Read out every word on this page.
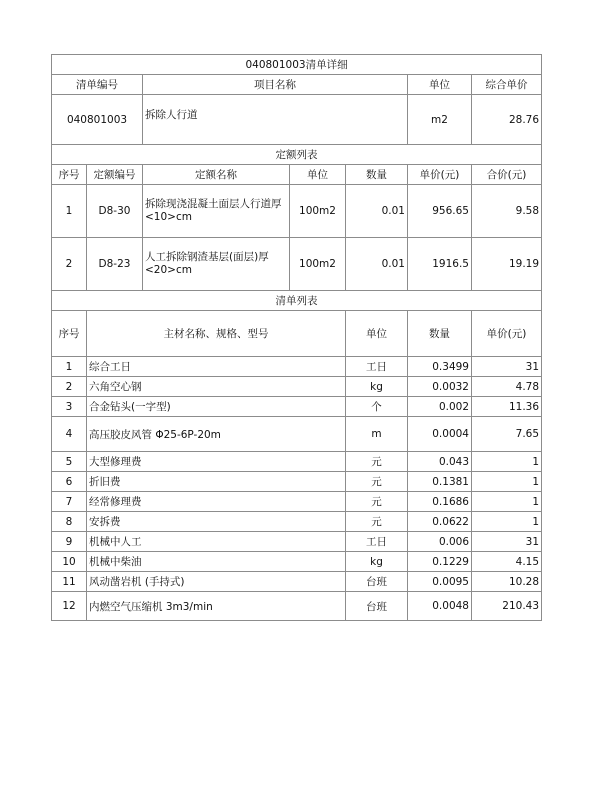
040801003清单详细							
清单编号		项目名称			单位	综合单价	
040801003		拆除人行道			m2	28.76	
定额列表							
序号	定额编号	定额名称	单位	数量	单价(元)	合价(元)	
1	D8-30	拆除现浇混凝土面层人行道厚<10>cm	100m2	0.01	956.65	9.58	
2	D8-23	人工拆除钢渣基层(面层)厚<20>cm	100m2	0.01	1916.5	19.19	
清单列表							
序号	主材名称、规格、型号			单位	数量	单价(元)	
1	综合工日			工日	0.3499	31	
2	六角空心钢			kg	0.0032	4.78	
3	合金钻头(一字型)			个	0.002	11.36	
4	高压胶皮风管 Φ25-6P-20m			m	0.0004	7.65	
5	大型修理费			元	0.043	1	
6	折旧费			元	0.1381	1	
7	经常修理费			元	0.1686	1	
8	安拆费			元	0.0622	1	
9	机械中人工			工日	0.006	31	
10	机械中柴油			kg	0.1229	4.15	
11	风动凿岩机 (手持式)			台班	0.0095	10.28	
12	内燃空气压缩机 3m3/min			台班	0.0048	210.43	
